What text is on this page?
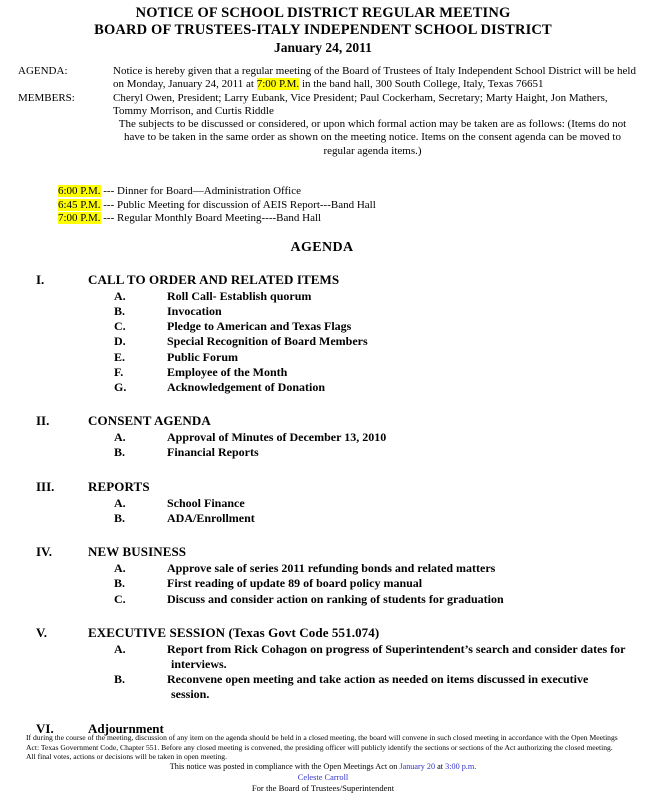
NOTICE OF SCHOOL DISTRICT REGULAR MEETING
BOARD OF TRUSTEES-ITALY INDEPENDENT SCHOOL DISTRICT
January 24, 2011
AGENDA:	Notice is hereby given that a regular meeting of the Board of Trustees of Italy Independent School District will be held on Monday, January 24, 2011 at 7:00 P.M. in the band hall, 300 South College, Italy, Texas 76651
MEMBERS:	Cheryl Owen, President; Larry Eubank, Vice President; Paul Cockerham, Secretary; Marty Haight, Jon Mathers, Tommy Morrison, and Curtis Riddle
The subjects to be discussed or considered, or upon which formal action may be taken are as follows: (Items do not have to be taken in the same order as shown on the meeting notice. Items on the consent agenda can be moved to regular agenda items.)
6:00 P.M. --- Dinner for Board—Administration Office
6:45 P.M. --- Public Meeting for discussion of AEIS Report---Band Hall
7:00 P.M. --- Regular Monthly Board Meeting----Band Hall
AGENDA
I.	CALL TO ORDER AND RELATED ITEMS
A.	Roll Call- Establish quorum
B.	Invocation
C.	Pledge to American and Texas Flags
D.	Special Recognition of Board Members
E.	Public Forum
F.	Employee of the Month
G.	Acknowledgement of Donation
II.	CONSENT AGENDA
A.	Approval of Minutes of December 13, 2010
B.	Financial Reports
III.	REPORTS
A.	School Finance
B.	ADA/Enrollment
IV.	NEW BUSINESS
A.	Approve sale of series 2011 refunding bonds and related matters
B.	First reading of update 89 of board policy manual
C.	Discuss and consider action on ranking of students for graduation
V.	EXECUTIVE SESSION (Texas Govt Code 551.074)
A.	Report from Rick Cohagon on progress of Superintendent’s search and consider dates for interviews.
B.	Reconvene open meeting and take action as needed on items discussed in executive session.
VI.	Adjournment
If during the course of the meeting, discussion of any item on the agenda should be held in a closed meeting, the board will convene in such closed meeting in accordance with the Open Meetings Act: Texas Government Code, Chapter 551. Before any closed meeting is convened, the presiding officer will publicly identify the sections or sections of the Act authorizing the closed meeting. All final votes, actions or decisions will be taken in open meeting.
This notice was posted in compliance with the Open Meetings Act on January 20 at 3:00 p.m.
Celeste Carroll
For the Board of Trustees/Superintendent
